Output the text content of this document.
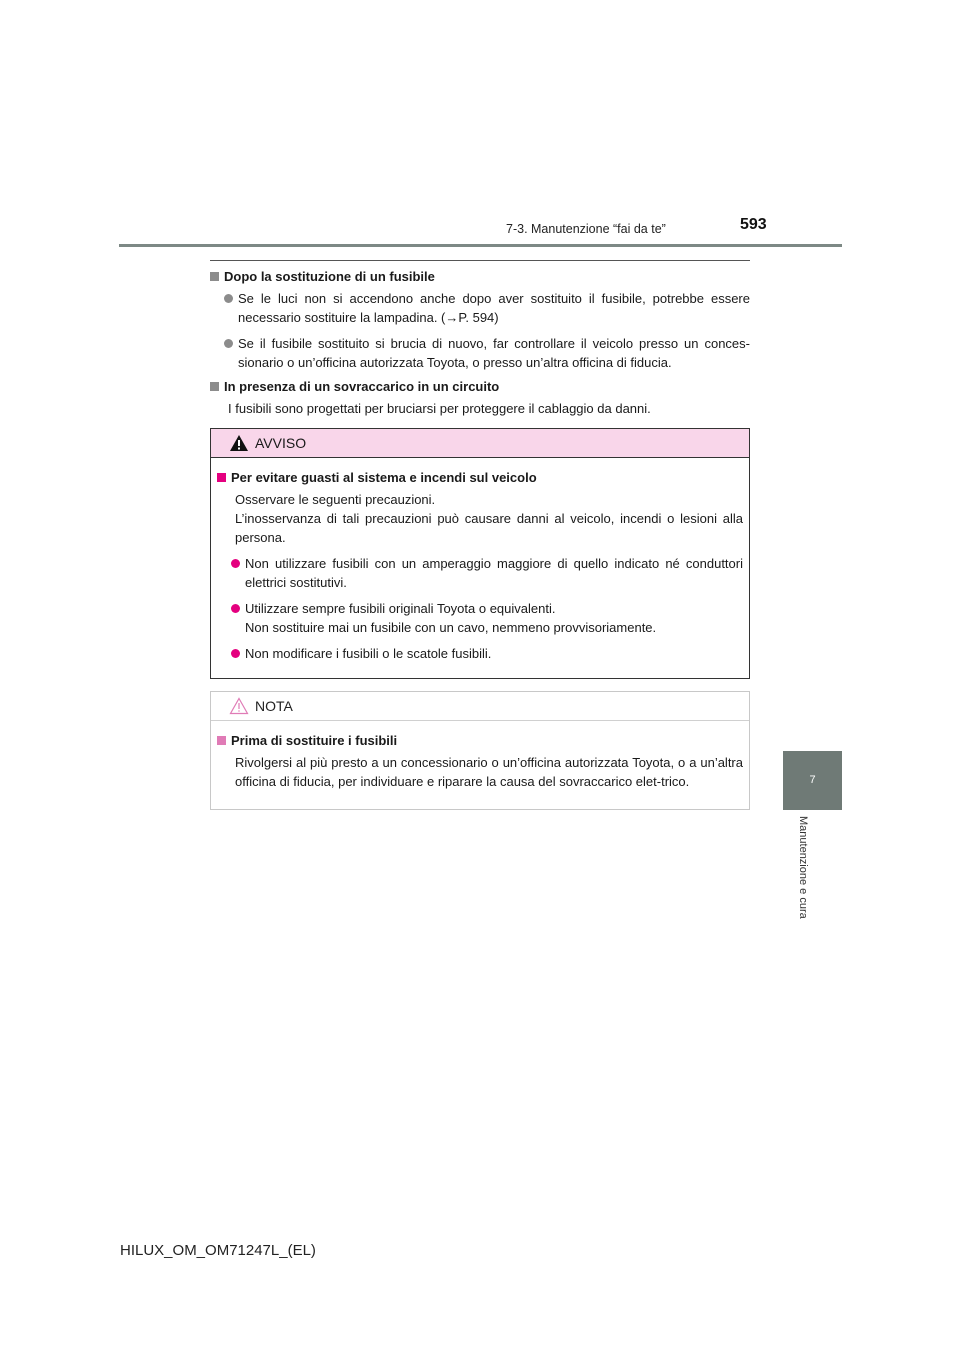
7-3. Manutenzione “fai da te”	593
7
Manutenzione e cura
Dopo la sostituzione di un fusibile
Se le luci non si accendono anche dopo aver sostituito il fusibile, potrebbe essere necessario sostituire la lampadina. (→P. 594)
Se il fusibile sostituito si brucia di nuovo, far controllare il veicolo presso un conces-sionario o un’officina autorizzata Toyota, o presso un’altra officina di fiducia.
In presenza di un sovraccarico in un circuito
I fusibili sono progettati per bruciarsi per proteggere il cablaggio da danni.
AVVISO
Per evitare guasti al sistema e incendi sul veicolo
Osservare le seguenti precauzioni.
L’inosservanza di tali precauzioni può causare danni al veicolo, incendi o lesioni alla persona.
Non utilizzare fusibili con un amperaggio maggiore di quello indicato né conduttori elettrici sostitutivi.
Utilizzare sempre fusibili originali Toyota o equivalenti.
Non sostituire mai un fusibile con un cavo, nemmeno provvisoriamente.
Non modificare i fusibili o le scatole fusibili.
NOTA
Prima di sostituire i fusibili
Rivolgersi al più presto a un concessionario o un’officina autorizzata Toyota, o a un’altra officina di fiducia, per individuare e riparare la causa del sovraccarico elet-trico.
HILUX_OM_OM71247L_(EL)
